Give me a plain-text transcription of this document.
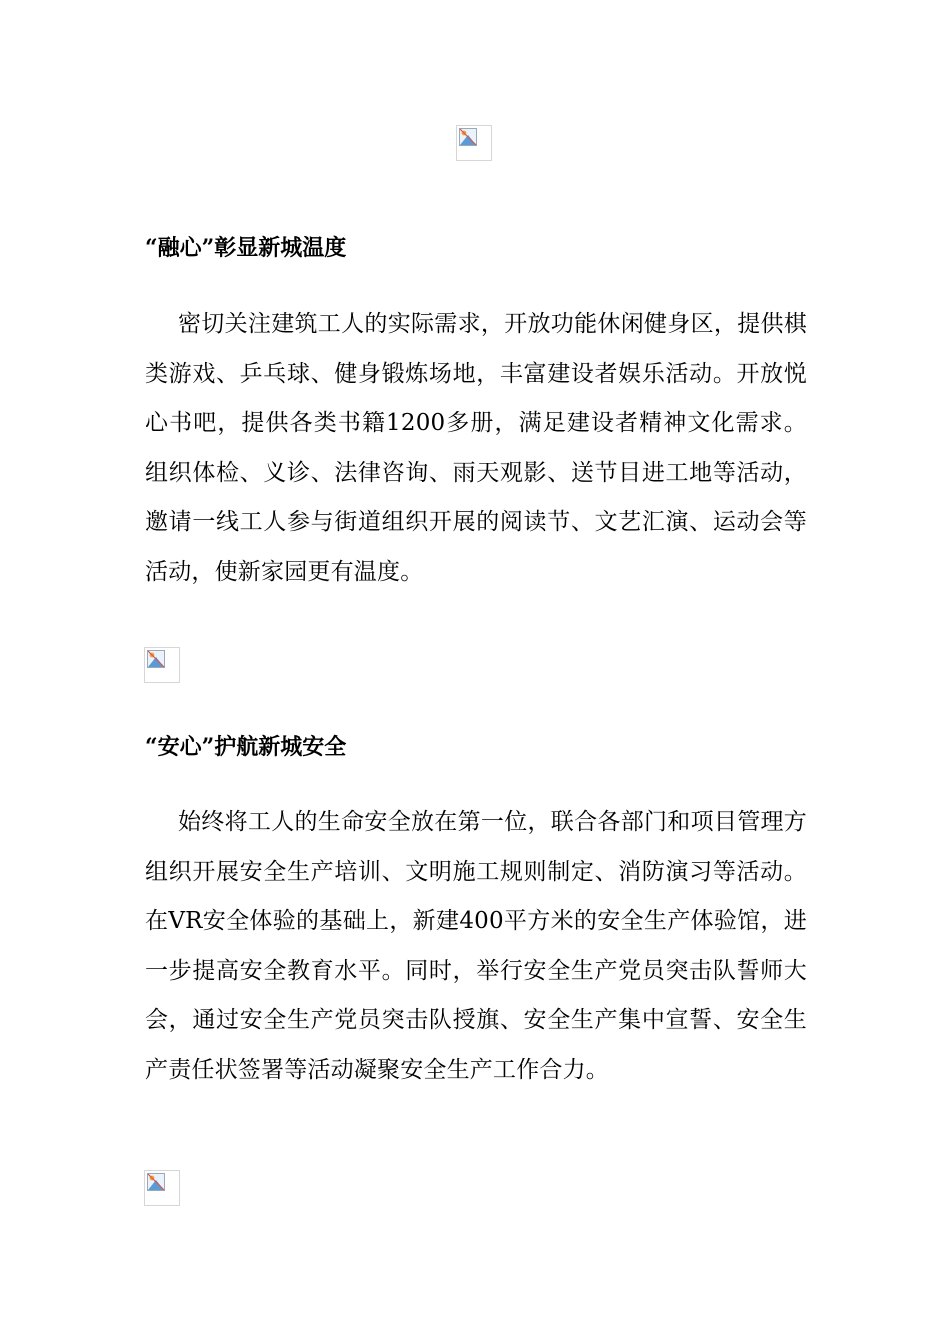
“融心”彰显新城温度

密切关注建筑工人的实际需求，开放功能休闲健身区，提供棋类游戏、乒乓球、健身锻炼场地，丰富建设者娱乐活动。开放悦心书吧，提供各类书籍1200多册，满足建设者精神文化需求。组织体检、义诊、法律咨询、雨天观影、送节目进工地等活动，邀请一线工人参与街道组织开展的阅读节、文艺汇演、运动会等活动，使新家园更有温度。

“安心”护航新城安全

始终将工人的生命安全放在第一位，联合各部门和项目管理方组织开展安全生产培训、文明施工规则制定、消防演习等活动。在VR安全体验的基础上，新建400平方米的安全生产体验馆，进一步提高安全教育水平。同时，举行安全生产党员突击队誓师大会，通过安全生产党员突击队授旗、安全生产集中宣誓、安全生产责任状签署等活动凝聚安全生产工作合力。
